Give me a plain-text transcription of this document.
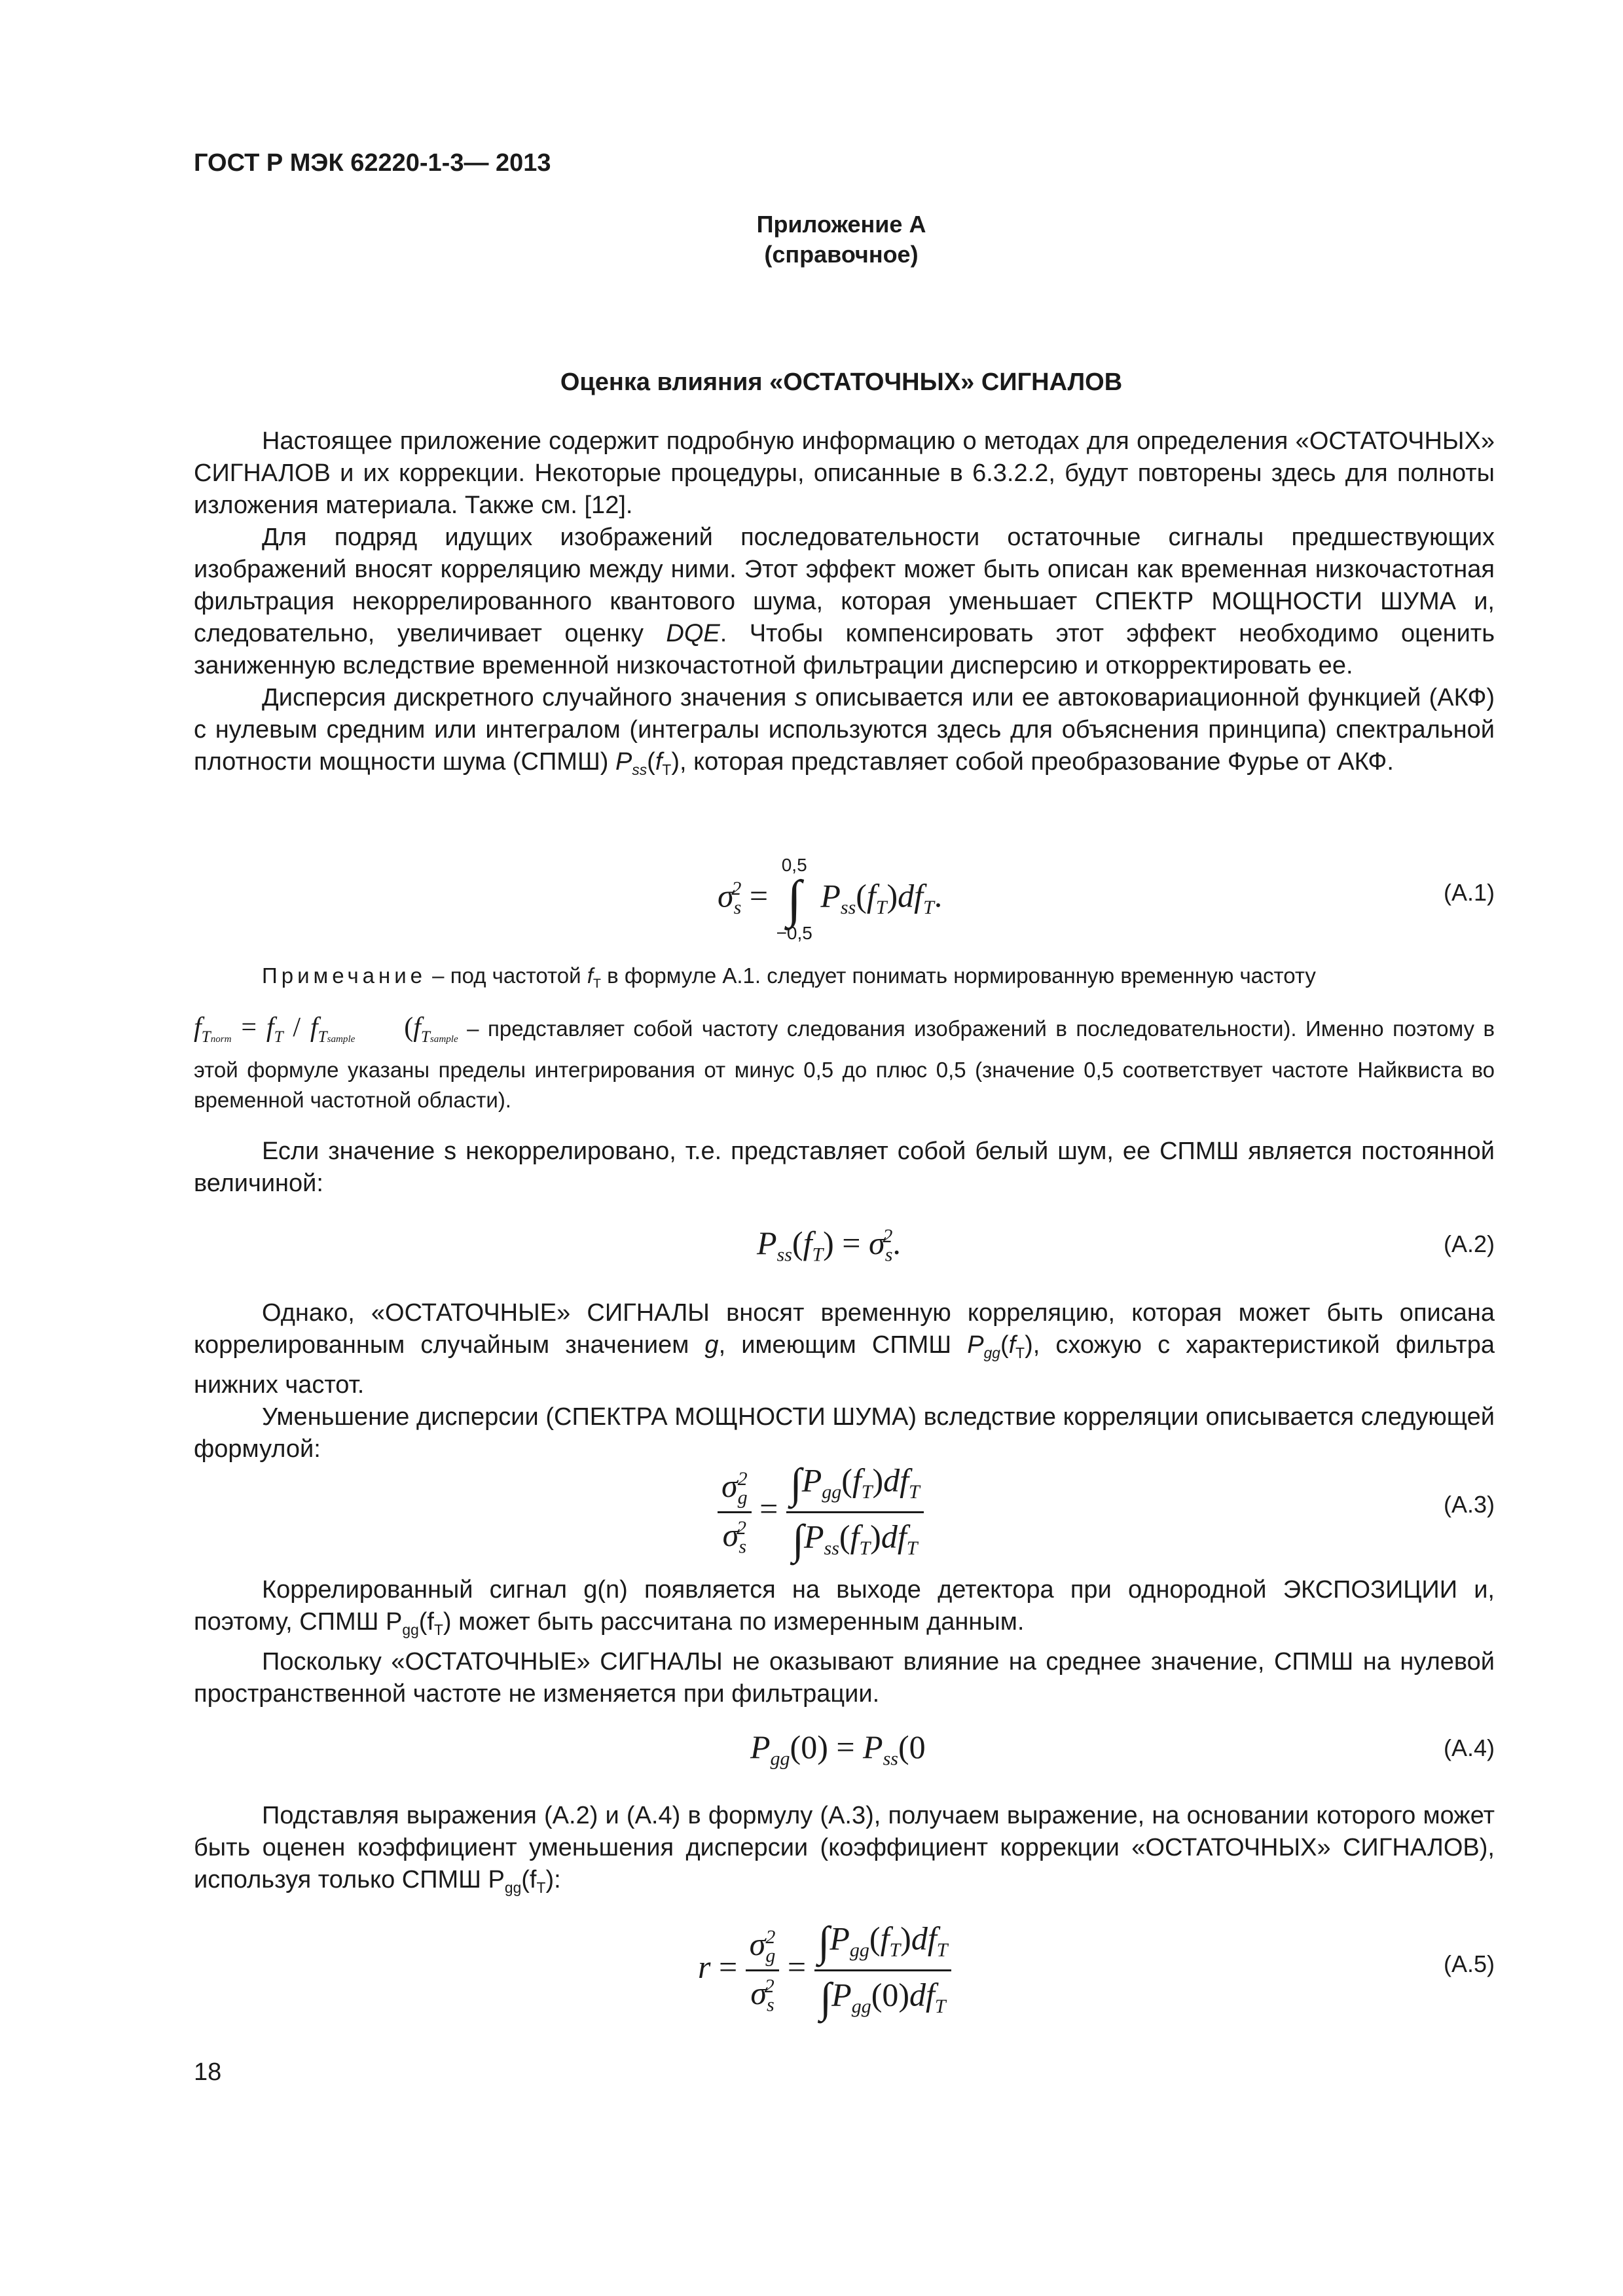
ГОСТ Р МЭК 62220-1-3— 2013
Приложение А
(справочное)
Оценка влияния «ОСТАТОЧНЫХ» СИГНАЛОВ

Настоящее приложение содержит подробную информацию о методах для определения «ОСТАТОЧНЫХ» СИГНАЛОВ и их коррекции. Некоторые процедуры, описанные в 6.3.2.2, будут повторены здесь для полноты изложения материала. Также см. [12].

Для подряд идущих изображений последовательности остаточные сигналы предшествующих изображений вносят корреляцию между ними. Этот эффект может быть описан как временная низкочастотная фильтрация некоррелированного квантового шума, которая уменьшает СПЕКТР МОЩНОСТИ ШУМА и, следовательно, увеличивает оценку DQE. Чтобы компенсировать этот эффект необходимо оценить заниженную вследствие временной низкочастотной фильтрации дисперсию и откорректировать ее.

Дисперсия дискретного случайного значения s описывается или ее автоковариационной функцией (АКФ) с нулевым средним или интегралом (интегралы используются здесь для объяснения принципа) спектральной плотности мощности шума (СПМШ) $P_{ss}(f_T)$, которая представляет собой преобразование Фурье от АКФ.

$\sigma_s^2$ =
0,5
∫
−0,5
$P_{ss}(f_T)df_T$.	(А.1)
Примечание – под частотой $f_T$ в формуле А.1. следует понимать нормированную временную частоту
$f_{Tnorm} = f_T / f_{Tsample}$ ($f_{Tsample}$ – представляет собой частоту следования изображений в последовательности). Именно поэтому в этой формуле указаны пределы интегрирования от минус 0,5 до плюс 0,5 (значение 0,5 соответствует частоте Найквиста во временной частотной области).

Если значение s некоррелировано, т.е. представляет собой белый шум, ее СПМШ является постоянной величиной:

$P_{ss}(f_T) = \sigma_s^2$.	(А.2)

Однако, «ОСТАТОЧНЫЕ» СИГНАЛЫ вносят временную корреляцию, которая может быть описана коррелированным случайным значением g, имеющим СПМШ $P_{gg}(f_T)$, схожую с характеристикой фильтра нижних частот.

Уменьшение дисперсии (СПЕКТРА МОЩНОСТИ ШУМА) вследствие корреляции описывается следующей формулой:

$\frac{\sigma_g^2}{\sigma_s^2} = \frac{\int P_{gg}(f_T)df_T}{\int P_{ss}(f_T)df_T}$	(А.3)

Коррелированный сигнал g(n) появляется на выходе детектора при однородной ЭКСПОЗИЦИИ и, поэтому, СПМШ $P_{gg}(f_T)$ может быть рассчитана по измеренным данным.

Поскольку «ОСТАТОЧНЫЕ» СИГНАЛЫ не оказывают влияние на среднее значение, СПМШ на нулевой пространственной частоте не изменяется при фильтрации.

$P_{gg}(0) = P_{ss}(0$	(А.4)

Подставляя выражения (А.2) и (А.4) в формулу (А.3), получаем выражение, на основании которого может быть оценен коэффициент уменьшения дисперсии (коэффициент коррекции «ОСТАТОЧНЫХ» СИГНАЛОВ), используя только СПМШ $P_{gg}(f_T)$:

$r = \frac{\sigma_g^2}{\sigma_s^2} = \frac{\int P_{gg}(f_T)df_T}{\int P_{gg}(0)df_T}$	(А.5)
18
